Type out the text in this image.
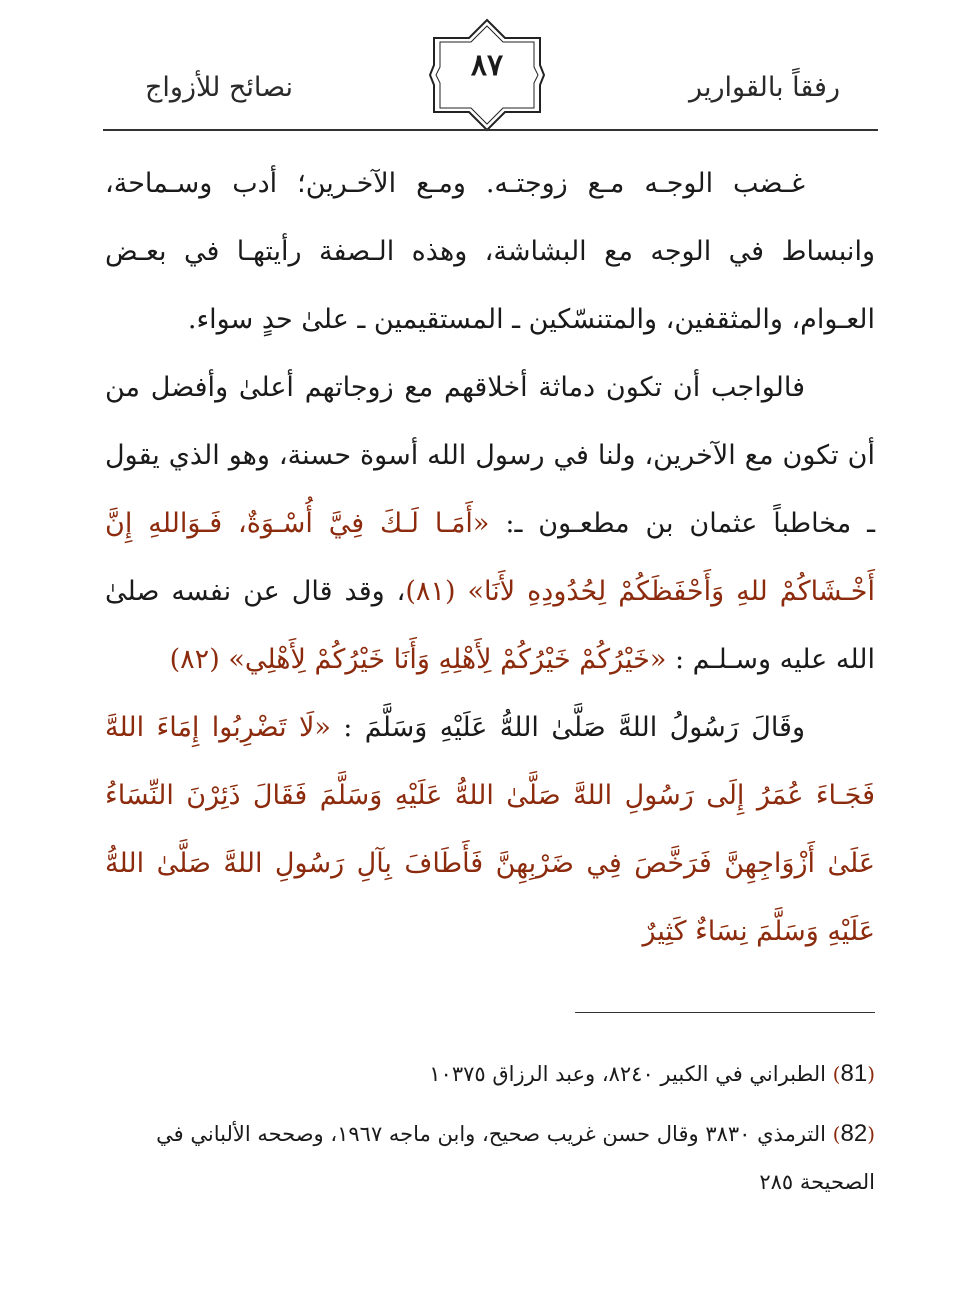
رفقاً بالقوارير
٨٧
نصائح للأزواج

غـضب الوجـه مـع زوجتـه. ومـع الآخـرين؛ أدب وسـماحة، وانبساط في الوجه مع البشاشة، وهذه الـصفة رأيتهـا في بعـض العـوام، والمثقفين، والمتنسّكين ـ المستقيمين ـ علىٰ حدٍ سواء.

فالواجب أن تكون دماثة أخلاقهم مع زوجاتهم أعلىٰ وأفضل من أن تكون مع الآخرين، ولنا في رسول الله أسوة حسنة، وهو الذي يقول ـ مخاطباً عثمان بن مطعـون ـ: «أَمَـا لَـكَ فِيَّ أُسْـوَةٌ، فَـوَاللهِ إِنَّ أَخْـشَاكُمْ للهِ وَأَحْفَظَكُمْ لِحُدُودِهِ لأَنَا» (٨١)، وقد قال عن نفسه صلىٰ الله عليه وسـلـم : «خَيْرُكُمْ خَيْرُكُمْ لِأَهْلِهِ وَأَنَا خَيْرُكُمْ لِأَهْلِي» (٨٢)

وقَالَ رَسُولُ اللهَّ صَلَّىٰ اللهُّ عَلَيْهِ وَسَلَّمَ : «لَا تَضْرِبُوا إِمَاءَ اللهَّ فَجَـاءَ عُمَرُ إِلَى رَسُولِ اللهَّ صَلَّىٰ اللهُّ عَلَيْهِ وَسَلَّمَ فَقَالَ ذَئِرْنَ النِّسَاءُ عَلَىٰ أَزْوَاجِهِنَّ فَرَخَّصَ فِي ضَرْبِهِنَّ فَأَطَافَ بِآلِ رَسُولِ اللهَّ صَلَّىٰ اللهُّ عَلَيْهِ وَسَلَّمَ نِسَاءٌ كَثِيرٌ

(81) الطبراني في الكبير ٨٢٤٠، وعبد الرزاق ١٠٣٧٥

(82) الترمذي ٣٨٣٠ وقال حسن غريب صحيح، وابن ماجه ١٩٦٧، وصححه الألباني في الصحيحة ٢٨٥
